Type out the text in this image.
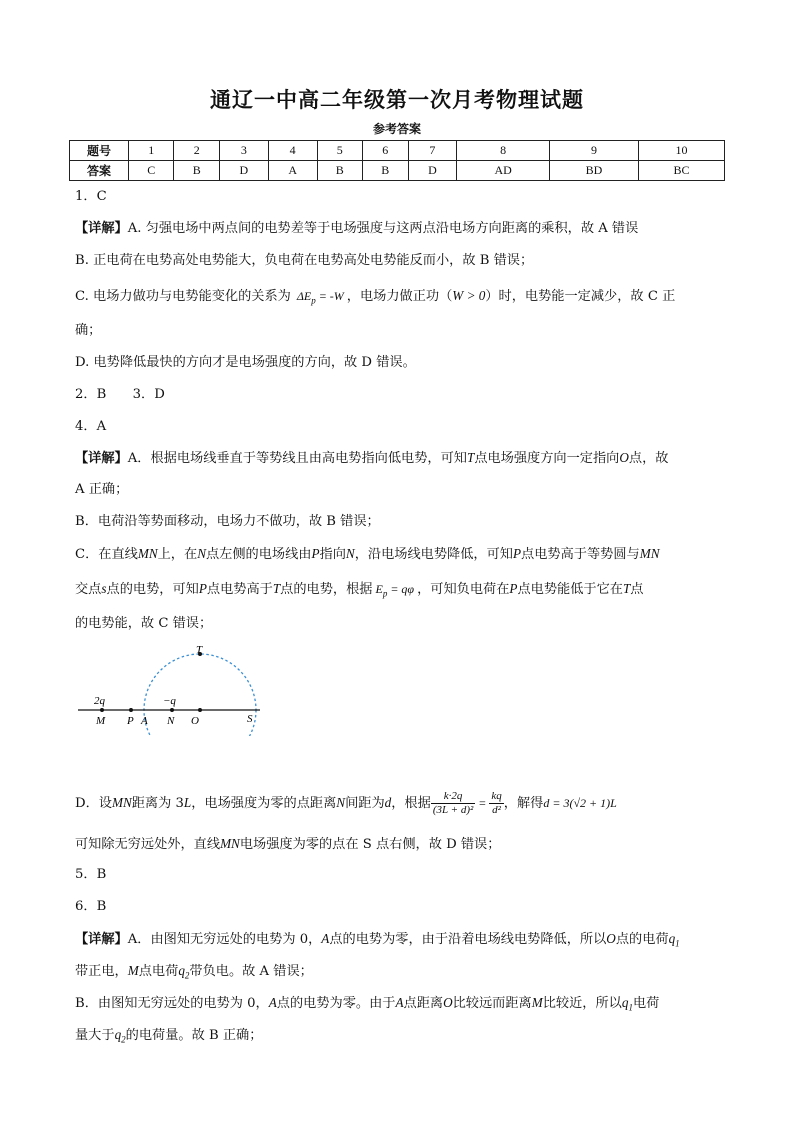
通辽一中高二年级第一次月考物理试题
参考答案
题号	1	2	3	4	5	6	7	8	9	10
答案	C	B	D	A	B	B	D	AD	BD	BC
1．C
【详解】A. 匀强电场中两点间的电势差等于电场强度与这两点沿电场方向距离的乘积，故 A 错误
B. 正电荷在电势高处电势能大，负电荷在电势高处电势能反而小，故 B 错误；
C. 电场力做功与电势能变化的关系为 $\Delta E_p = -W$ ，电场力做正功（W > 0）时，电势能一定减少，故 C 正
确；
D. 电势降低最快的方向才是电场强度的方向，故 D 错误。
2．B　　3．D
4．A
【详解】A．根据电场线垂直于等势线且由高电势指向低电势，可知T点电场强度方向一定指向O点，故
A 正确；
B．电荷沿等势面移动，电场力不做功，故 B 错误；
C．在直线MN上，在N点左侧的电场线由P指向N，沿电场线电势降低，可知P点电势高于等势圆与MN
交点s点的电势，可知P点电势高于T点的电势，根据 $E_p = q\varphi$ ，可知负电荷在P点电势能低于它在T点
的电势能，故 C 错误；
T
2q	−q
M P A N O	S
D．设MN距离为 3L，电场强度为零的点距离N间距为d，根据 $\frac{k\cdot 2q}{\text{(3L + d)²}} = \frac{kq}{\text{d²}}$ ，解得d = 3(√2 + 1)L
可知除无穷远处外，直线MN电场强度为零的点在 S 点右侧，故 D 错误；
5．B
6．B
【详解】A．由图知无穷远处的电势为 0，A点的电势为零，由于沿着电场线电势降低，所以O点的电荷$q_1$
带正电，M点电荷$q_2$带负电。故 A 错误；
B．由图知无穷远处的电势为 0，A点的电势为零。由于A点距离O比较远而距离M比较近，所以$q_1$电荷
量大于$q_2$的电荷量。故 B 正确；
